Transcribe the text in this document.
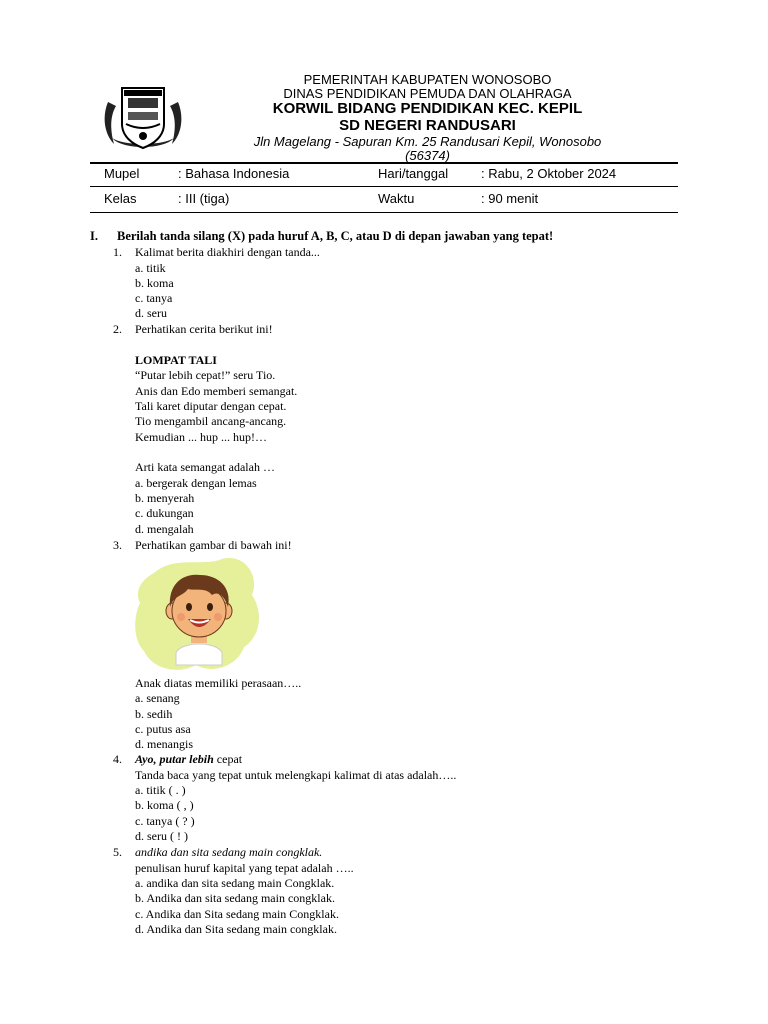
PEMERINTAH KABUPATEN WONOSOBO
DINAS PENDIDIKAN PEMUDA DAN OLAHRAGA
KORWIL BIDANG PENDIDIKAN KEC. KEPIL
SD NEGERI RANDUSARI
Jln Magelang - Sapuran Km. 25 Randusari Kepil, Wonosobo
(56374)
Mupel	: Bahasa Indonesia	Hari/tanggal	: Rabu, 2 Oktober 2024
Kelas	: III (tiga)	Waktu	: 90 menit
I. Berilah tanda silang (X) pada huruf A, B, C, atau D di depan jawaban yang tepat!
1. Kalimat berita diakhiri dengan tanda...
a. titik
b. koma
c. tanya
d. seru
2. Perhatikan cerita berikut ini!
LOMPAT TALI
“Putar lebih cepat!” seru Tio.
Anis dan Edo memberi semangat.
Tali karet diputar dengan cepat.
Tio mengambil ancang-ancang.
Kemudian ... hup ... hup!…
Arti kata semangat adalah …
a. bergerak dengan lemas
b. menyerah
c. dukungan
d. mengalah
3. Perhatikan gambar di bawah ini!
Anak diatas memiliki perasaan…..
a. senang
b. sedih
c. putus asa
d. menangis
4. Ayo, putar lebih cepat
Tanda baca yang tepat untuk melengkapi kalimat di atas adalah…..
a. titik ( . )
b. koma ( , )
c. tanya ( ? )
d. seru ( ! )
5. andika dan sita sedang main congklak.
penulisan huruf kapital yang tepat adalah …..
a. andika dan sita sedang main Congklak.
b. Andika dan sita sedang main congklak.
c. Andika dan Sita sedang main Congklak.
d. Andika dan Sita sedang main congklak.
